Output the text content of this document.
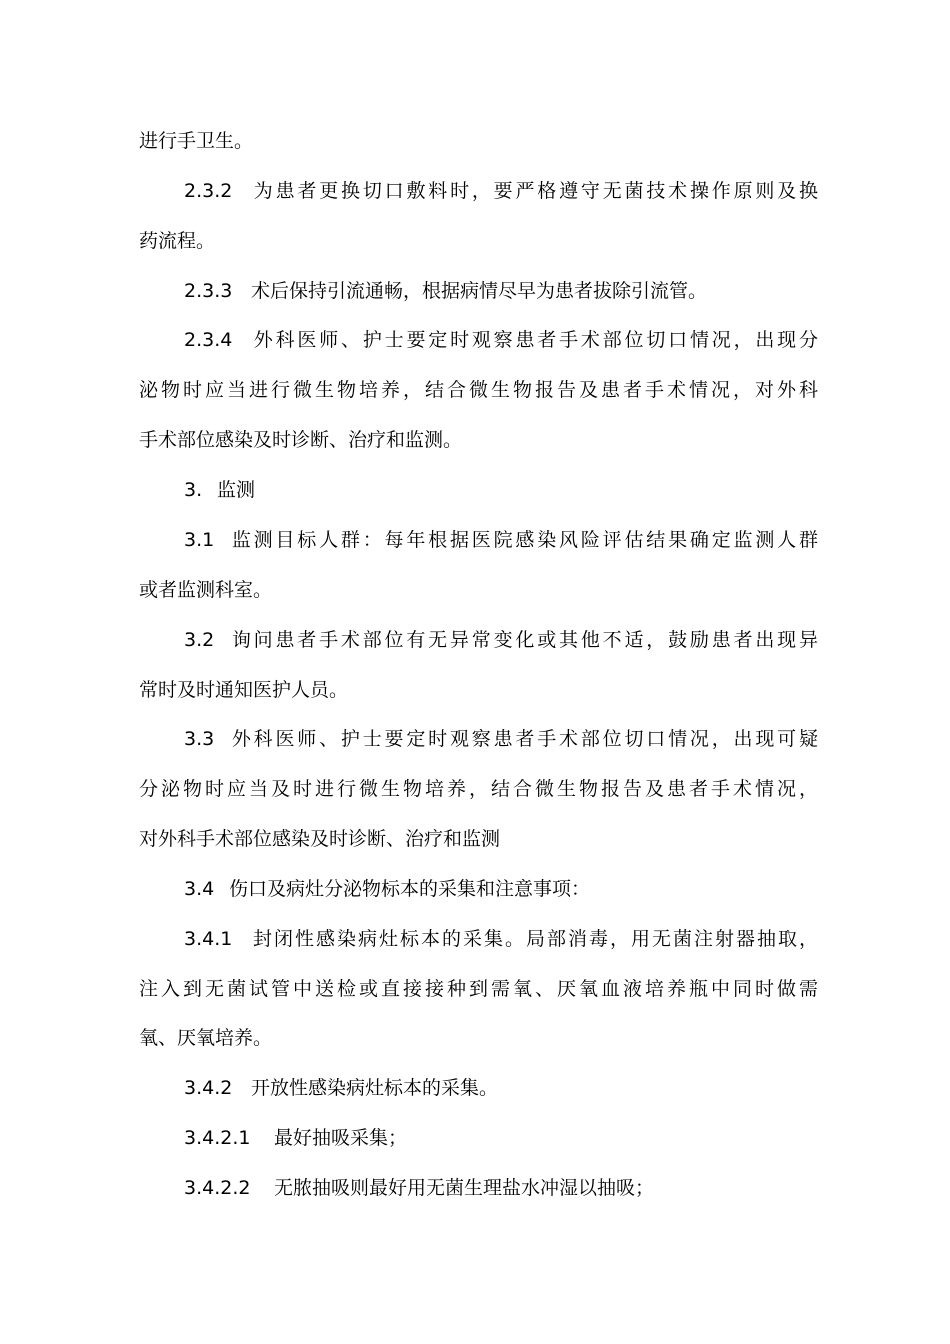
进行手卫生。
2.3.2 为患者更换切口敷料时，要严格遵守无菌技术操作原则及换
药流程。
2.3.3 术后保持引流通畅，根据病情尽早为患者拔除引流管。
2.3.4 外科医师、护士要定时观察患者手术部位切口情况，出现分
泌物时应当进行微生物培养，结合微生物报告及患者手术情况，对外科
手术部位感染及时诊断、治疗和监测。
3. 监测
3.1 监测目标人群：每年根据医院感染风险评估结果确定监测人群
或者监测科室。
3.2 询问患者手术部位有无异常变化或其他不适，鼓励患者出现异
常时及时通知医护人员。
3.3 外科医师、护士要定时观察患者手术部位切口情况，出现可疑
分泌物时应当及时进行微生物培养，结合微生物报告及患者手术情况，
对外科手术部位感染及时诊断、治疗和监测
3.4 伤口及病灶分泌物标本的采集和注意事项：
3.4.1 封闭性感染病灶标本的采集。局部消毒，用无菌注射器抽取，
注入到无菌试管中送检或直接接种到需氧、厌氧血液培养瓶中同时做需
氧、厌氧培养。
3.4.2 开放性感染病灶标本的采集。
3.4.2.1 最好抽吸采集；
3.4.2.2 无脓抽吸则最好用无菌生理盐水冲湿以抽吸；
